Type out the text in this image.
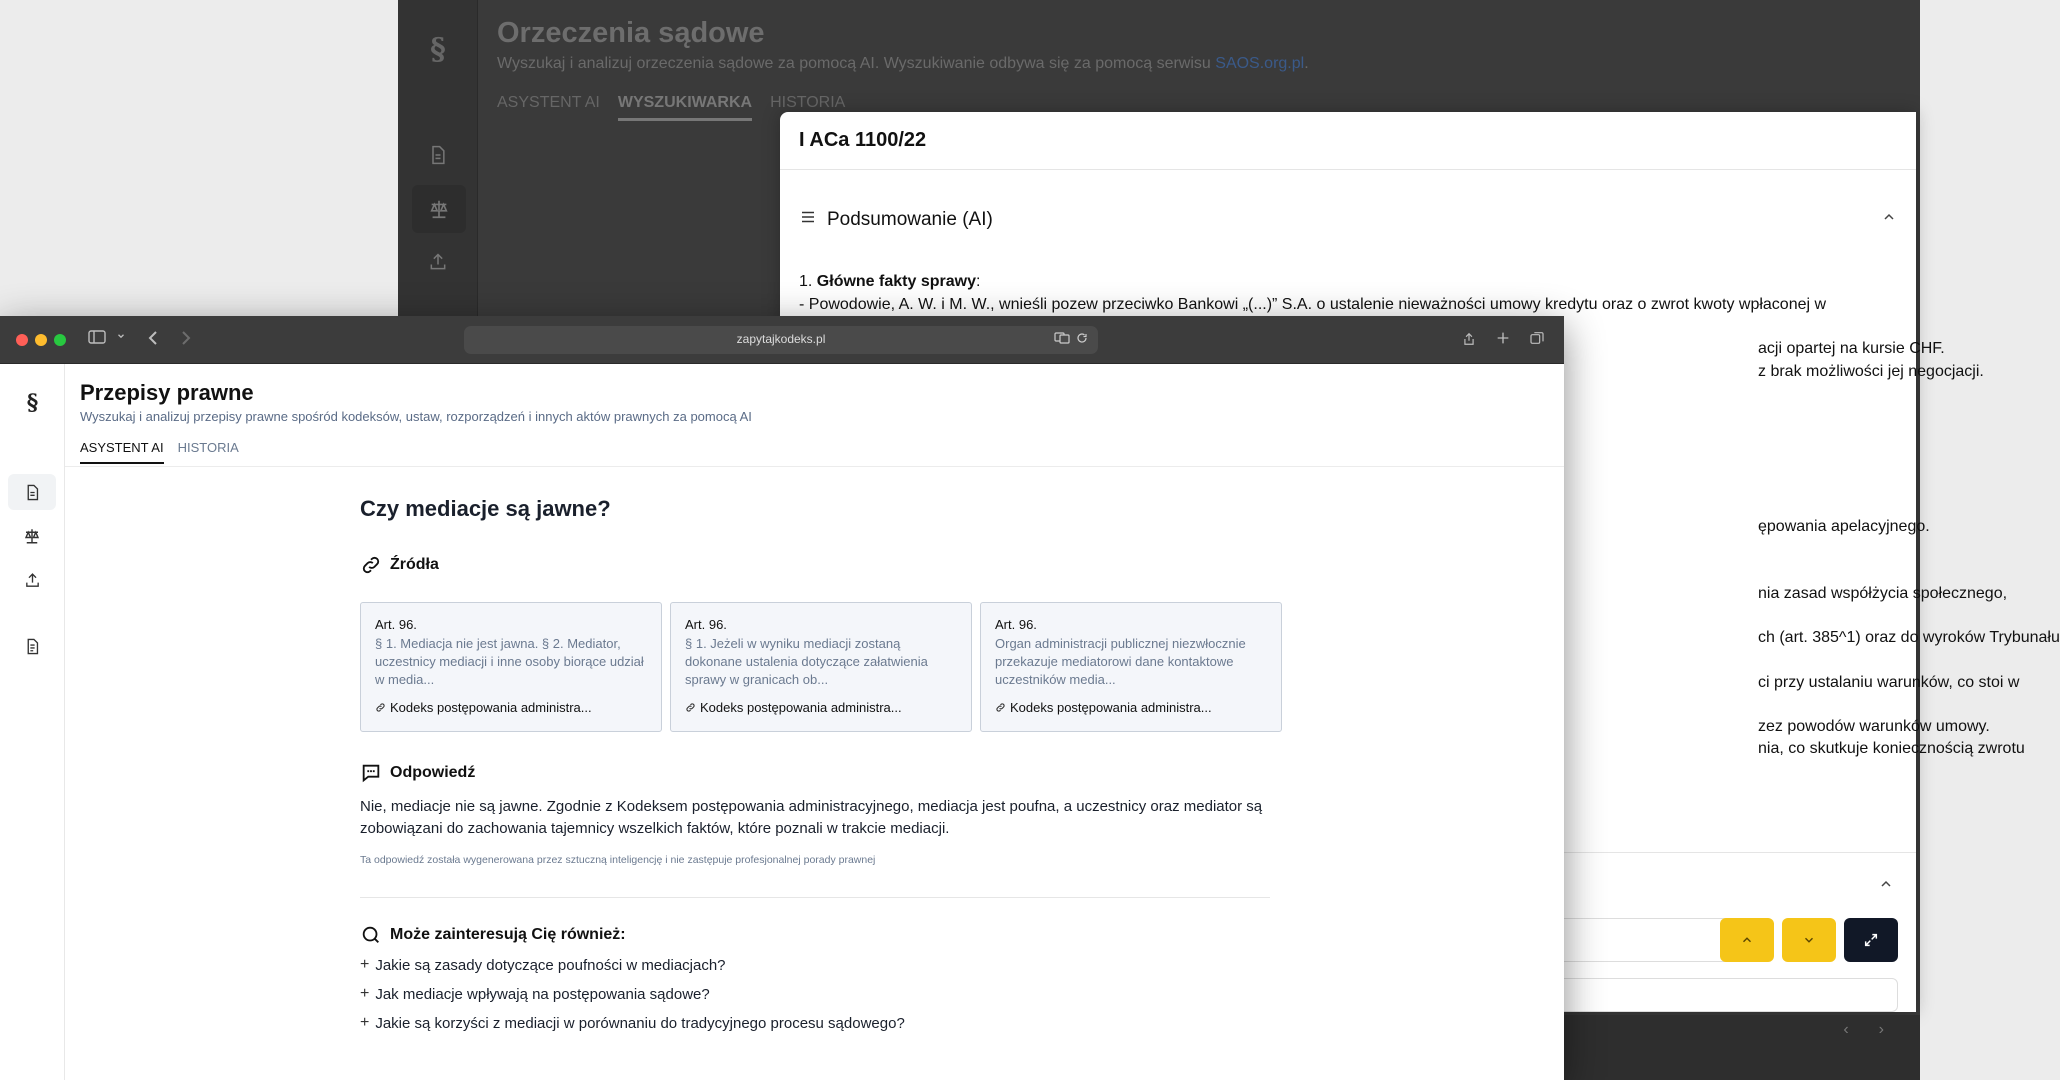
§	Orzeczenia sądowe
Wyszukaj i analizuj orzeczenia sądowe za pomocą AI. Wyszukiwanie odbywa się za pomocą serwisu SAOS.org.pl.
ASYSTENT AI WYSZUKIWARKA HISTORIA
I ACa 1100/22
Podsumowanie (AI)
1. Główne fakty sprawy:
- Powodowie, A. W. i M. W., wnieśli pozew przeciwko Bankowi „(...)” S.A. o ustalenie nieważności umowy kredytu oraz o zwrot kwoty wpłaconej w
acji opartej na kursie CHF.
z brak możliwości jej negocjacji.
ępowania apelacyjnego.
nia zasad współżycia społecznego,
ch (art. 385^1) oraz do wyroków Trybunału
ci przy ustalaniu warunków, co stoi w
zez powodów warunków umowy.
nia, co skutkuje koniecznością zwrotu
‹›
zapytajkodeks.pl
§	Przepisy prawne
Wyszukaj i analizuj przepisy prawne spośród kodeksów, ustaw, rozporządzeń i innych aktów prawnych za pomocą AI
ASYSTENT AI HISTORIA
Czy mediacje są jawne?
Źródła
Art. 96.
§ 1. Mediacja nie jest jawna. § 2. Mediator, uczestnicy mediacji i inne osoby biorące udział w media...
Kodeks postępowania administra...
Art. 96.
§ 1. Jeżeli w wyniku mediacji zostaną dokonane ustalenia dotyczące załatwienia sprawy w granicach ob...
Kodeks postępowania administra...
Art. 96.
Organ administracji publicznej niezwłocznie przekazuje mediatorowi dane kontaktowe uczestników media...
Kodeks postępowania administra...
Odpowiedź
Nie, mediacje nie są jawne. Zgodnie z Kodeksem postępowania administracyjnego, mediacja jest poufna, a uczestnicy oraz mediator są zobowiązani do zachowania tajemnicy wszelkich faktów, które poznali w trakcie mediacji.
Ta odpowiedź została wygenerowana przez sztuczną inteligencję i nie zastępuje profesjonalnej porady prawnej
Może zainteresują Cię również:
+ Jakie są zasady dotyczące poufności w mediacjach?
+ Jak mediacje wpływają na postępowania sądowe?
+ Jakie są korzyści z mediacji w porównaniu do tradycyjnego procesu sądowego?
